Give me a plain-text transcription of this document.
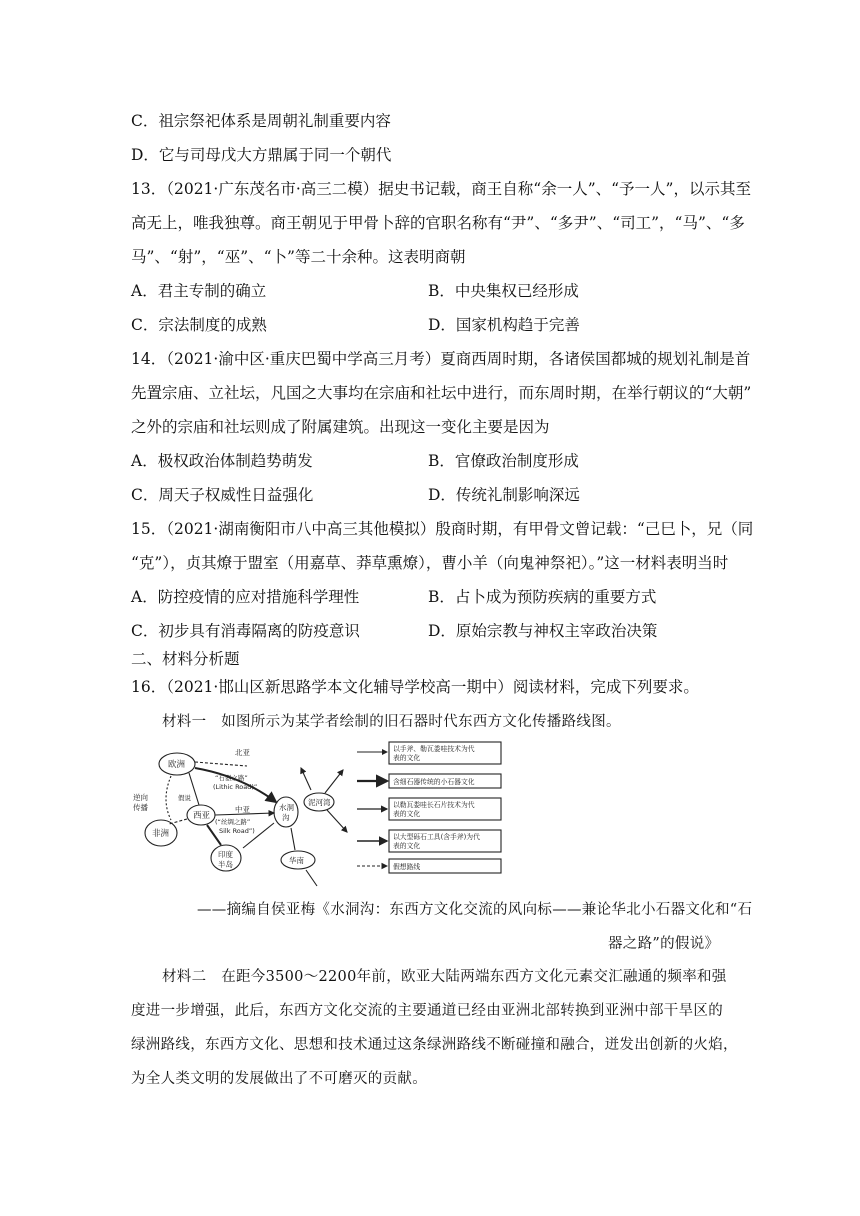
C．祖宗祭祀体系是周朝礼制重要内容
D．它与司母戊大方鼎属于同一个朝代
13．（2021·广东茂名市·高三二模）据史书记载，商王自称“余一人”、“予一人”，以示其至
高无上，唯我独尊。商王朝见于甲骨卜辞的官职名称有“尹”、“多尹”、“司工”，“马”、“多
马”、“射”，“巫”、“卜”等二十余种。这表明商朝
A．君主专制的确立	B．中央集权已经形成
C．宗法制度的成熟	D．国家机构趋于完善
14．（2021·渝中区·重庆巴蜀中学高三月考）夏商西周时期，各诸侯国都城的规划礼制是首
先置宗庙、立社坛，凡国之大事均在宗庙和社坛中进行，而东周时期，在举行朝议的“大朝”
之外的宗庙和社坛则成了附属建筑。出现这一变化主要是因为
A．极权政治体制趋势萌发	B．官僚政治制度形成
C．周天子权威性日益强化	D．传统礼制影响深远
15．（2021·湖南衡阳市八中高三其他模拟）殷商时期，有甲骨文曾记载：“己巳卜，兄（同
“克”），贞其燎于盟室（用嘉草、莽草熏燎），曹小羊（向鬼神祭祀）。”这一材料表明当时
A．防控疫情的应对措施科学理性	B．占卜成为预防疾病的重要方式
C．初步具有消毒隔离的防疫意识	D．原始宗教与神权主宰政治决策
二、材料分析题
16．（2021·邯山区新思路学本文化辅导学校高一期中）阅读材料，完成下列要求。
材料一　如图所示为某学者绘制的旧石器时代东西方文化传播路线图。
欧洲
非洲
西亚
水洞
沟
泥河湾
印度
半岛	华南
北亚
中亚
“石器之路”
(Lithic Road)”
(“丝绸之路”
Silk Road”)
逆向
传播
假说
以手斧、勒瓦娄哇技术为代
表的文化
含细石器传统的小石器文化
以勒瓦娄哇长石片技术为代
表的文化
以大型砾石工具(含手斧)为代
表的文化
假想路线
——摘编自侯亚梅《水洞沟：东西方文化交流的风向标——兼论华北小石器文化和“石
器之路”的假说》
材料二　在距今3500～2200年前，欧亚大陆两端东西方文化元素交汇融通的频率和强
度进一步增强，此后，东西方文化交流的主要通道已经由亚洲北部转换到亚洲中部干旱区的
绿洲路线，东西方文化、思想和技术通过这条绿洲路线不断碰撞和融合，迸发出创新的火焰，
为全人类文明的发展做出了不可磨灭的贡献。
